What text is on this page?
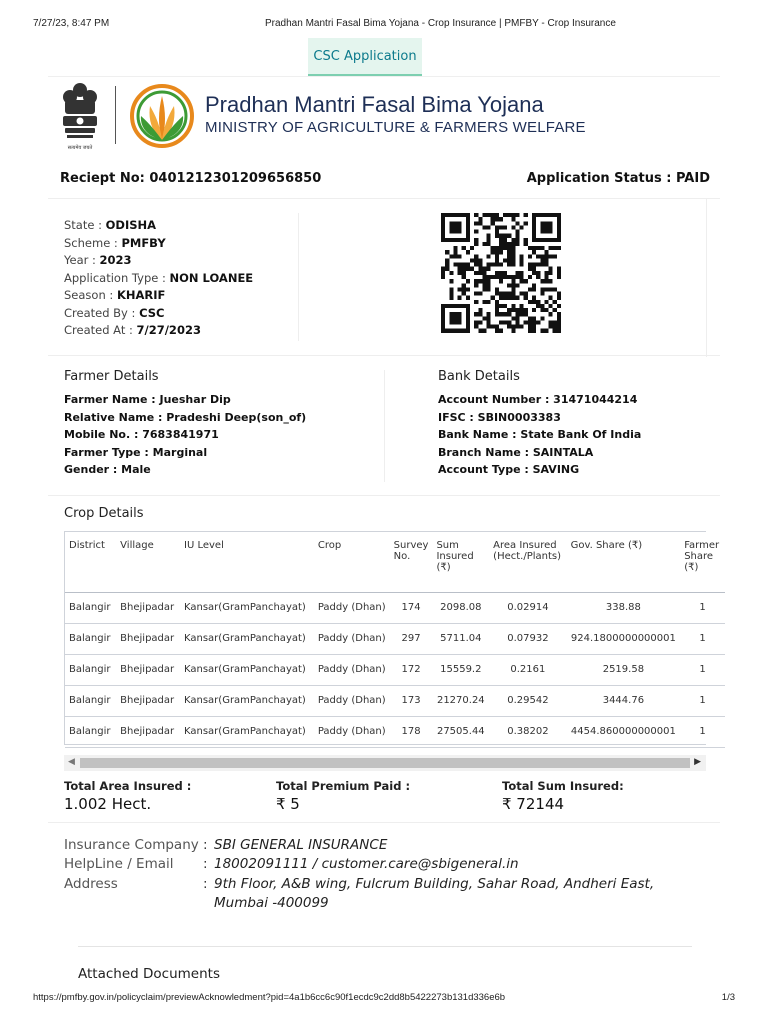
7/27/23, 8:47 PM	Pradhan Mantri Fasal Bima Yojana - Crop Insurance | PMFBY - Crop Insurance
CSC Application
सत्यमेव जयते
Pradhan Mantri Fasal Bima Yojana
MINISTRY OF AGRICULTURE & FARMERS WELFARE
Reciept No: 0401212301209656850	Application Status : PAID
State : ODISHA
Scheme : PMFBY
Year : 2023
Application Type : NON LOANEE
Season : KHARIF
Created By : CSC
Created At : 7/27/2023
Farmer Details
Farmer Name : Jueshar Dip
Relative Name : Pradeshi Deep(son_of)
Mobile No. : 7683841971
Farmer Type : Marginal
Gender : Male
Bank Details
Account Number : 31471044214
IFSC : SBIN0003383
Bank Name : State Bank Of India
Branch Name : SAINTALA
Account Type : SAVING
Crop Details
District	Village	IU Level	Crop	Survey No.	Sum Insured (₹)	Area Insured (Hect./Plants)	Gov. Share (₹)	Farmer Share (₹)
Balangir	Bhejipadar	Kansar(GramPanchayat)	Paddy (Dhan)	174	2098.08	0.02914	338.88	1
Balangir	Bhejipadar	Kansar(GramPanchayat)	Paddy (Dhan)	297	5711.04	0.07932	924.1800000000001	1
Balangir	Bhejipadar	Kansar(GramPanchayat)	Paddy (Dhan)	172	15559.2	0.2161	2519.58	1
Balangir	Bhejipadar	Kansar(GramPanchayat)	Paddy (Dhan)	173	21270.24	0.29542	3444.76	1
Balangir	Bhejipadar	Kansar(GramPanchayat)	Paddy (Dhan)	178	27505.44	0.38202	4454.860000000001	1
◀	▶
Total Area Insured :
1.002 Hect.
Total Premium Paid :
₹ 5
Total Sum Insured:
₹ 72144
Insurance Company : SBI GENERAL INSURANCE
HelpLine / Email : 18002091111 / customer.care@sbigeneral.in
Address	: 9th Floor, A&B wing, Fulcrum Building, Sahar Road, Andheri East,
Mumbai -400099
Attached Documents
https://pmfby.gov.in/policyclaim/previewAcknowledment?pid=4a1b6cc6c90f1ecdc9c2dd8b5422273b131d336e6b	1/3
